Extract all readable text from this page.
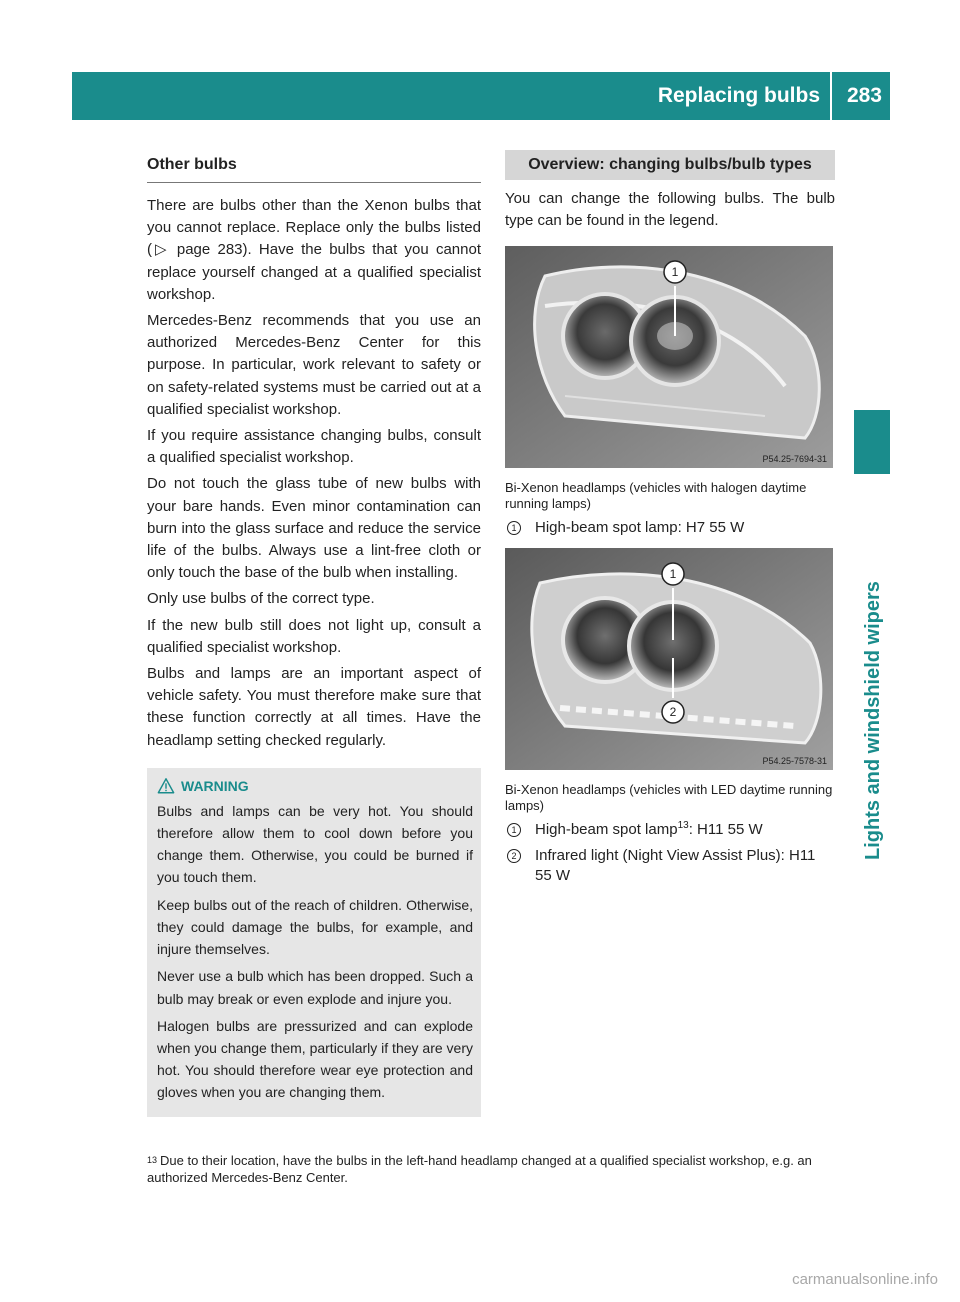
Replacing bulbs 283
Lights and windshield wipers
Other bulbs

There are bulbs other than the Xenon bulbs that you cannot replace. Replace only the bulbs listed (▷ page 283). Have the bulbs that you cannot replace yourself changed at a qualified specialist workshop.

Mercedes-Benz recommends that you use an authorized Mercedes-Benz Center for this purpose. In particular, work relevant to safety or on safety-related systems must be carried out at a qualified specialist workshop.

If you require assistance changing bulbs, consult a qualified specialist workshop.

Do not touch the glass tube of new bulbs with your bare hands. Even minor contamination can burn into the glass surface and reduce the service life of the bulbs. Always use a lint-free cloth or only touch the base of the bulb when installing.

Only use bulbs of the correct type.

If the new bulb still does not light up, consult a qualified specialist workshop.

Bulbs and lamps are an important aspect of vehicle safety. You must therefore make sure that these function correctly at all times. Have the headlamp setting checked regularly.

WARNING

Bulbs and lamps can be very hot. You should therefore allow them to cool down before you change them. Otherwise, you could be burned if you touch them.

Keep bulbs out of the reach of children. Otherwise, they could damage the bulbs, for example, and injure themselves.

Never use a bulb which has been dropped. Such a bulb may break or even explode and injure you.

Halogen bulbs are pressurized and can explode when you change them, particularly if they are very hot. You should therefore wear eye protection and gloves when you are changing them.

Overview: changing bulbs/bulb types

You can change the following bulbs. The bulb type can be found in the legend.

1
P54.25-7694-31
Bi-Xenon headlamps (vehicles with halogen daytime running lamps)
1	High-beam spot lamp: H7 55 W
1
2
P54.25-7578-31
Bi-Xenon headlamps (vehicles with LED daytime running lamps)
1	High-beam spot lamp$^{13}$: H11 55 W
2	Infrared light (Night View Assist Plus): H11 55 W
$^{13}$ Due to their location, have the bulbs in the left-hand headlamp changed at a qualified specialist workshop, e.g. an authorized Mercedes-Benz Center.
carmanualsonline.info
